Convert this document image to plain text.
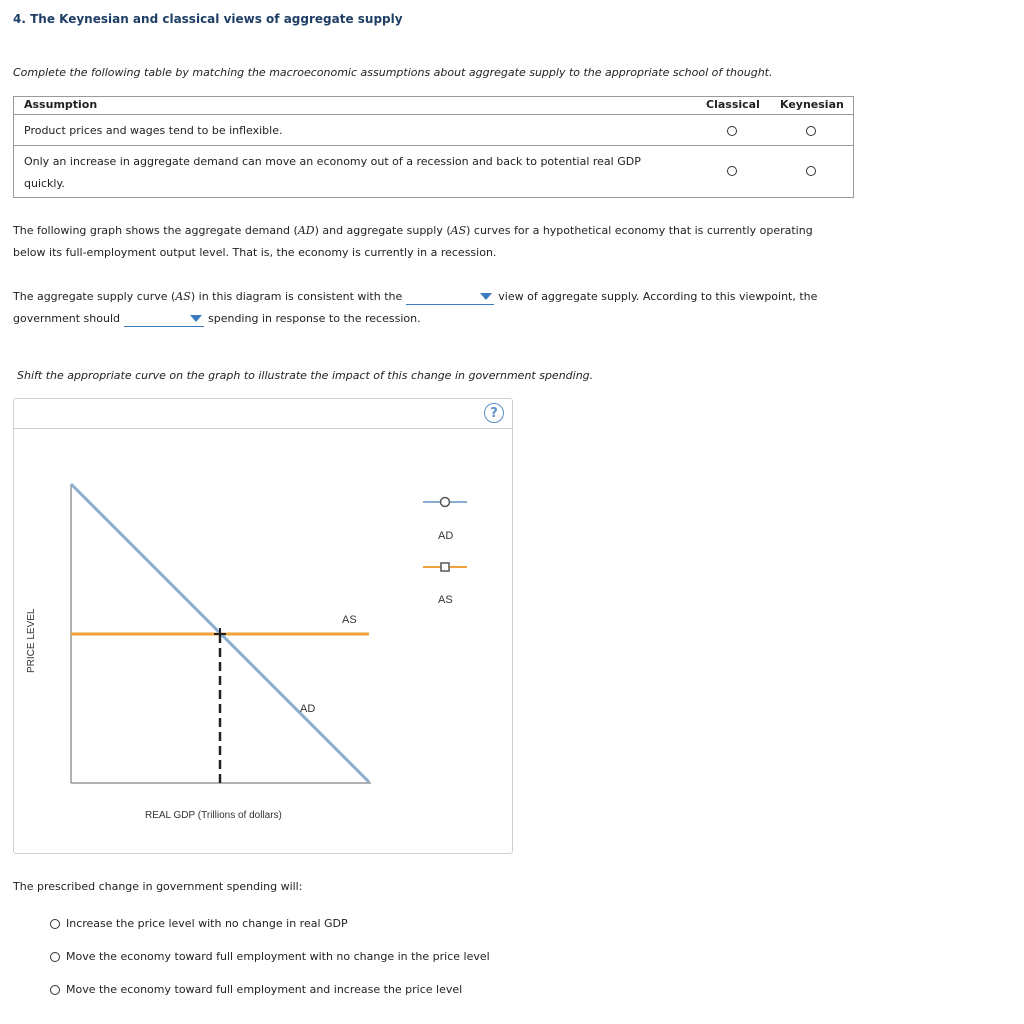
4. The Keynesian and classical views of aggregate supply
Complete the following table by matching the macroeconomic assumptions about aggregate supply to the appropriate school of thought.
Assumption	Classical Keynesian
Product prices and wages tend to be inflexible.
Only an increase in aggregate demand can move an economy out of a recession and back to potential real GDP quickly.
The following graph shows the aggregate demand (AD) and aggregate supply (AS) curves for a hypothetical economy that is currently operating below its full-employment output level. That is, the economy is currently in a recession.
The aggregate supply curve (AS) in this diagram is consistent with the	view of aggregate supply. According to this viewpoint, the
government should	spending in response to the recession.
Shift the appropriate curve on the graph to illustrate the impact of this change in government spending.
?
AS
AD
PRICE LEVEL
REAL GDP (Trillions of dollars)
AD
AS
The prescribed change in government spending will:
Increase the price level with no change in real GDP
Move the economy toward full employment with no change in the price level
Move the economy toward full employment and increase the price level
